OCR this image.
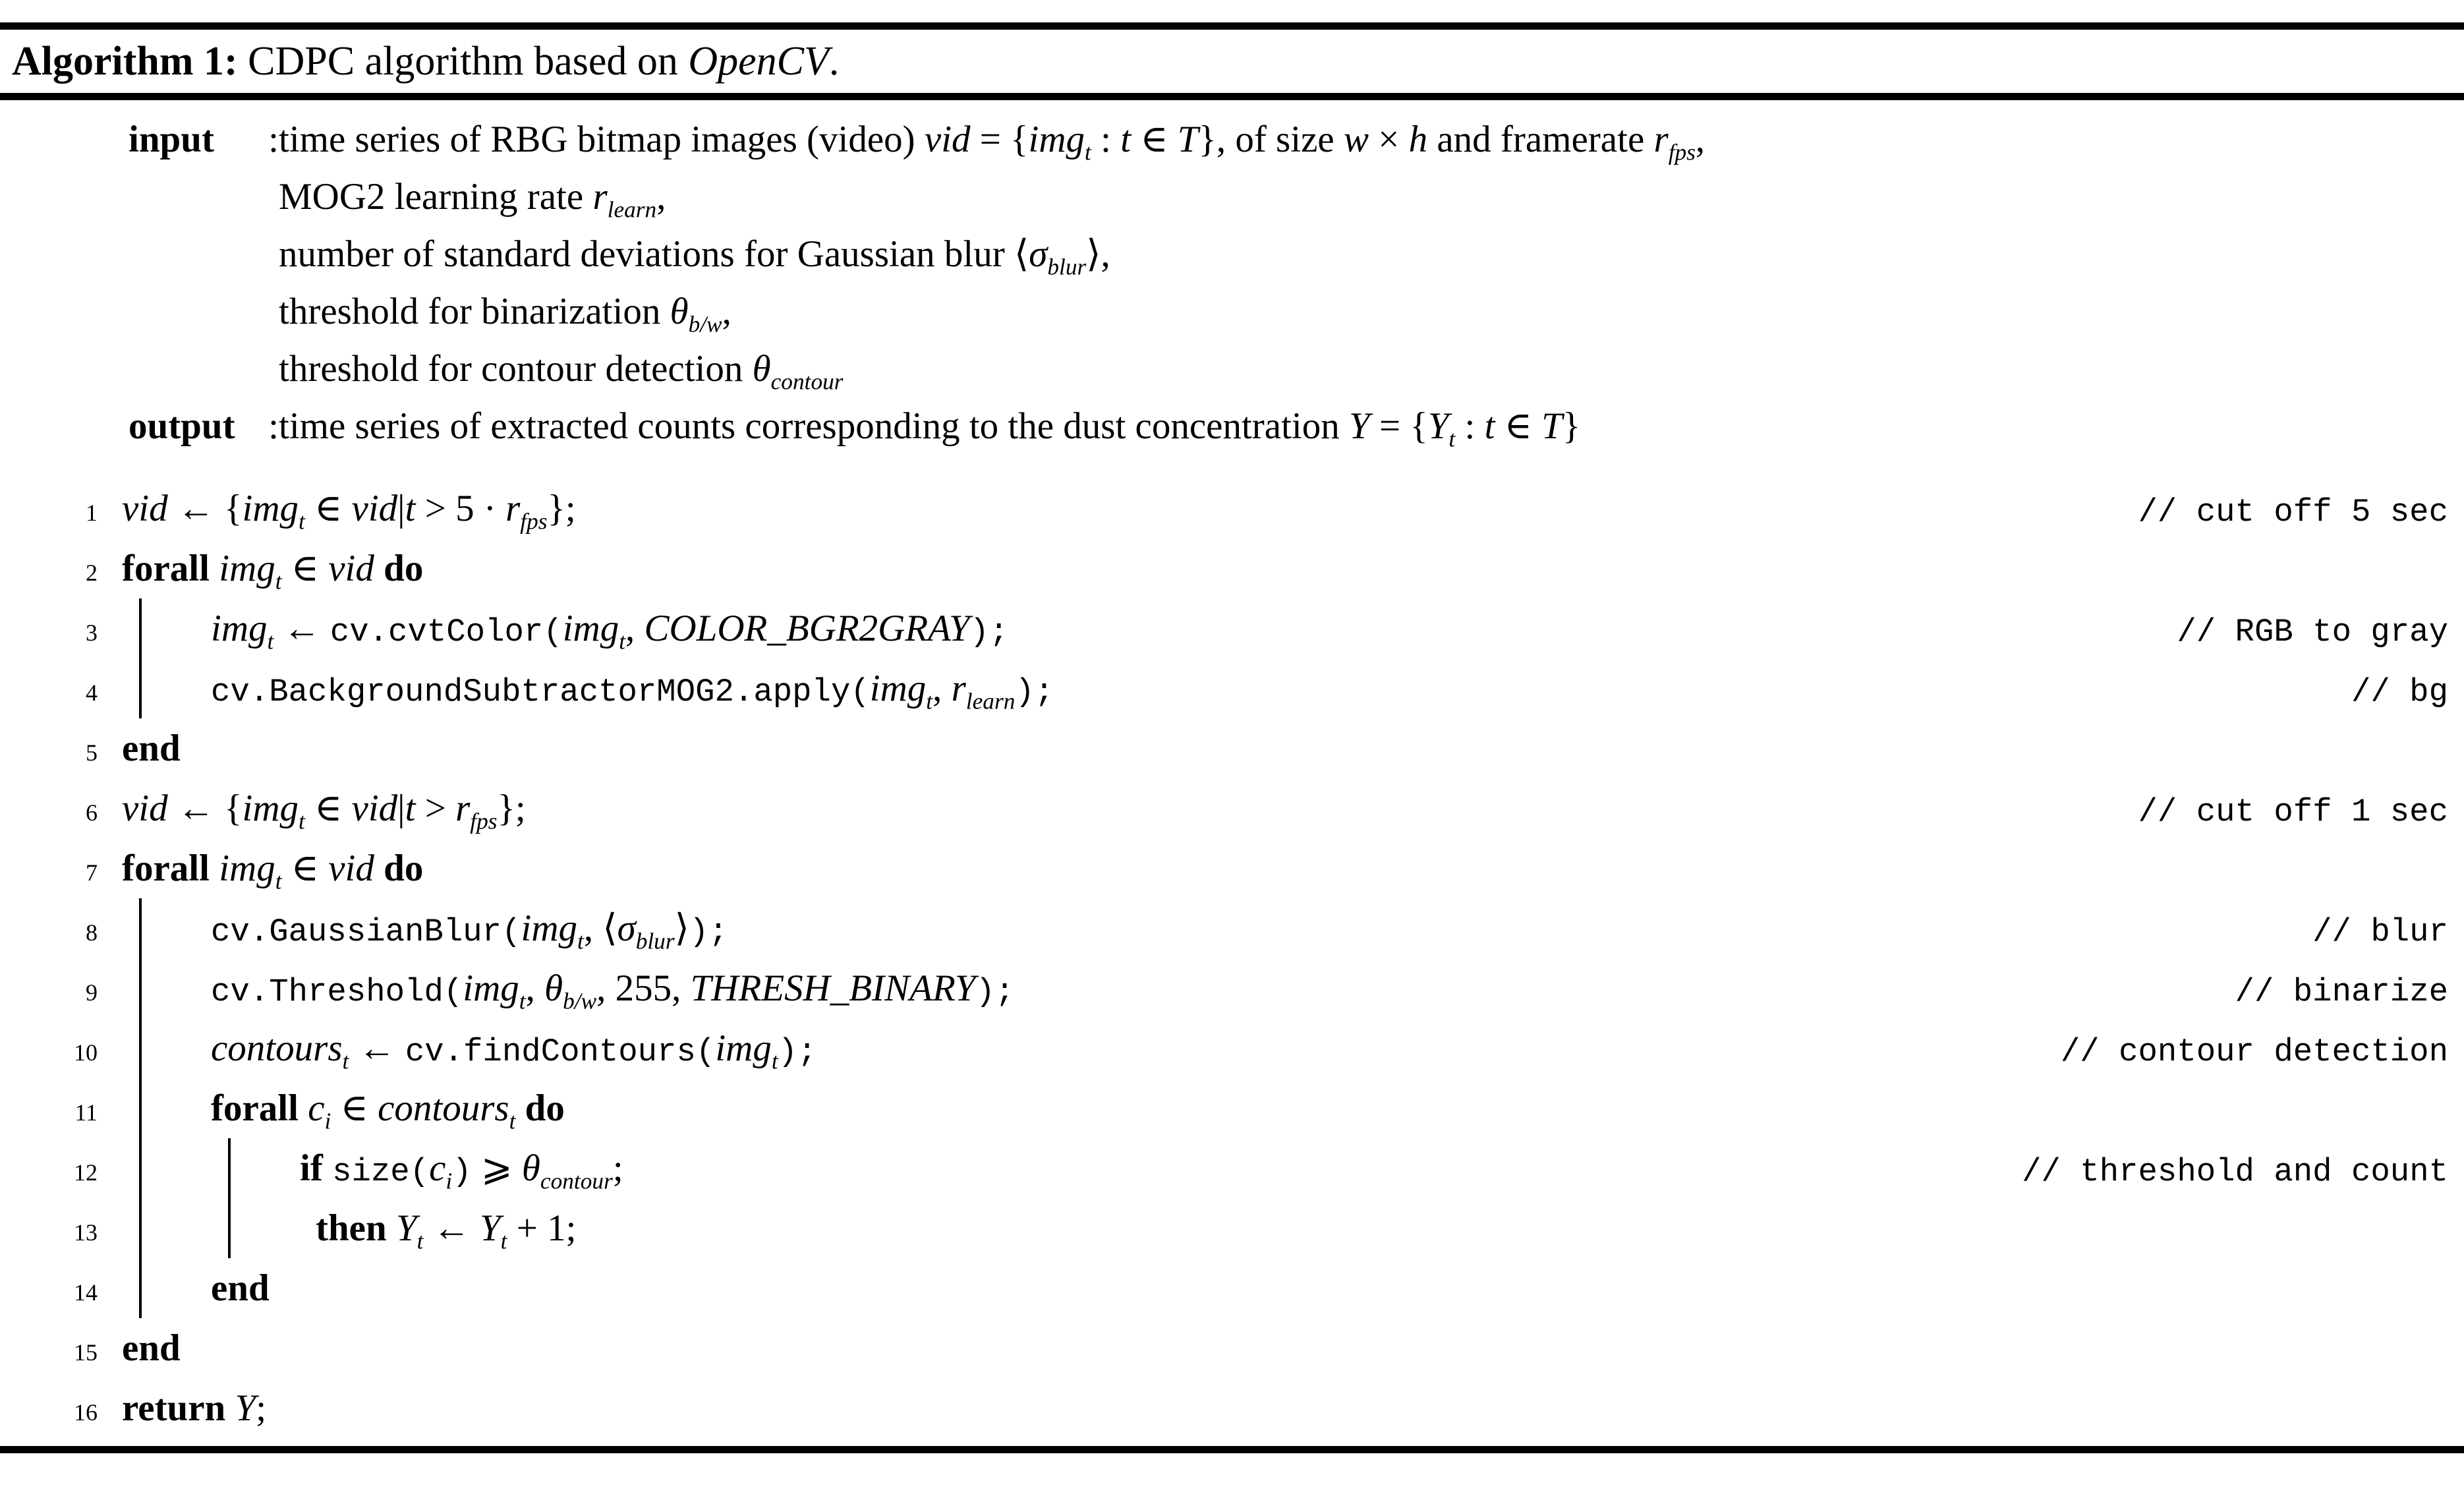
Algorithm 1: CDPC algorithm based on OpenCV.
input : time series of RBG bitmap images (video) vid = {img$_t$ : t ∈ T}, of size w × h and framerate $r_{fps}$,
MOG2 learning rate $r_{learn}$,
number of standard deviations for Gaussian blur $⟨\sigma_{blur}⟩$,
threshold for binarization $\theta_{b/w}$,
threshold for contour detection $\theta_{contour}$
output : time series of extracted counts corresponding to the dust concentration $Y = \{Y_t$ : t ∈ T}
1 vid ← {img$_t$ ∈ $vid|t > 5 \cdot r_{fps}$};	// cut off 5 sec
2 forall img$_t$ ∈ vid do
3	img$_t$ ← cv.cvtColor(img$_t$, COLOR_BGR2GRAY);	// RGB to gray
4	cv.BackgroundSubtractorMOG2.apply(img$_t$, $r_{learn}$);	// bg
5 end
6 vid ← {img$_t$ ∈ $vid|t > r_{fps}$};	// cut off 1 sec
7 forall img$_t$ ∈ vid do
8	cv.GaussianBlur(img$_t$, $⟨\sigma_{blur}⟩$);	// blur
9	cv.Threshold(img$_t$, $\theta_{b/w}$, 255, THRESH_BINARY);	// binarize
10	contours$_t$ ← cv.findContours(img$_t$);	// contour detection
11	forall $c_i$ ∈ contours$_t$ do
12	if $size(c_i)$ ⩾ $\theta_{contour}$;	// threshold and count
13	then $Y_t$ ← $Y_t + 1$;
14	end
15 end
16 return Y;
